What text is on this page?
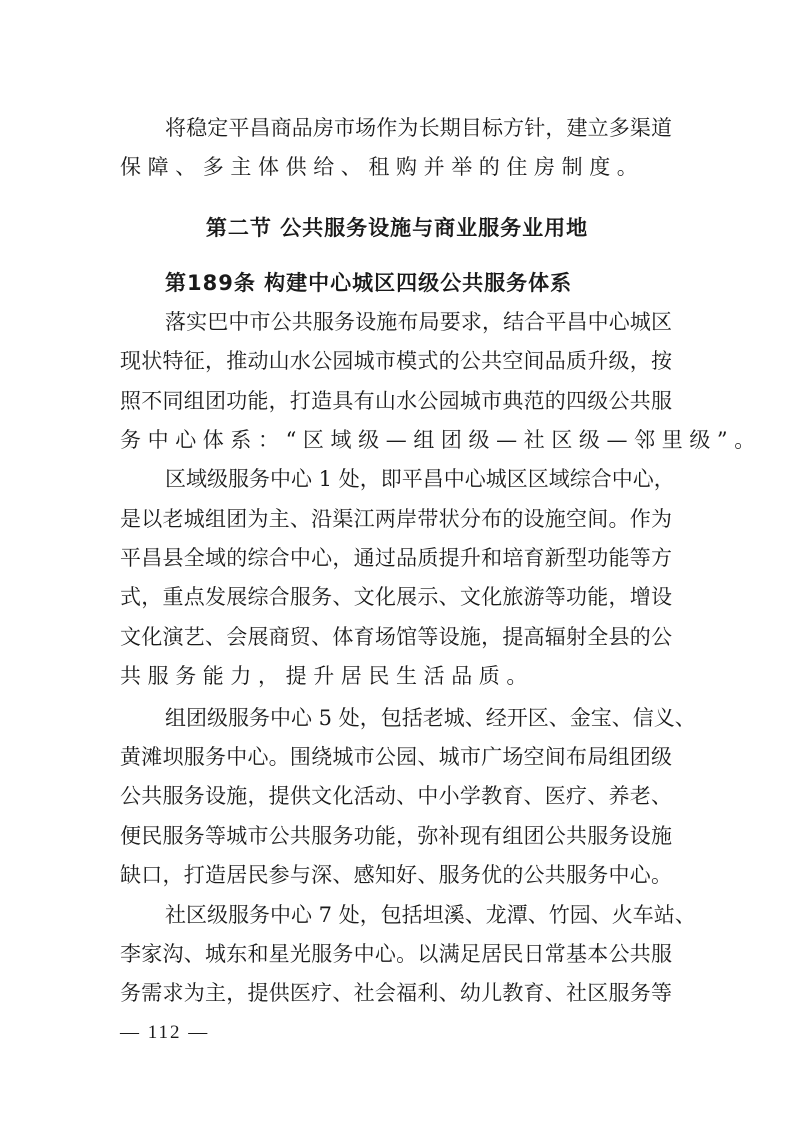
将稳定平昌商品房市场作为长期目标方针，建立多渠道
保障、多主体供给、租购并举的住房制度。
第二节 公共服务设施与商业服务业用地
第189条 构建中心城区四级公共服务体系
落实巴中市公共服务设施布局要求，结合平昌中心城区
现状特征，推动山水公园城市模式的公共空间品质升级，按
照不同组团功能，打造具有山水公园城市典范的四级公共服
务中心体系：“区域级—组团级—社区级—邻里级”。
区域级服务中心 1 处，即平昌中心城区区域综合中心，
是以老城组团为主、沿渠江两岸带状分布的设施空间。作为
平昌县全域的综合中心，通过品质提升和培育新型功能等方
式，重点发展综合服务、文化展示、文化旅游等功能，增设
文化演艺、会展商贸、体育场馆等设施，提高辐射全县的公
共服务能力，提升居民生活品质。
组团级服务中心 5 处，包括老城、经开区、金宝、信义、
黄滩坝服务中心。围绕城市公园、城市广场空间布局组团级
公共服务设施，提供文化活动、中小学教育、医疗、养老、
便民服务等城市公共服务功能，弥补现有组团公共服务设施
缺口，打造居民参与深、感知好、服务优的公共服务中心。
社区级服务中心 7 处，包括坦溪、龙潭、竹园、火车站、
李家沟、城东和星光服务中心。以满足居民日常基本公共服
务需求为主，提供医疗、社会福利、幼儿教育、社区服务等
— 112 —
